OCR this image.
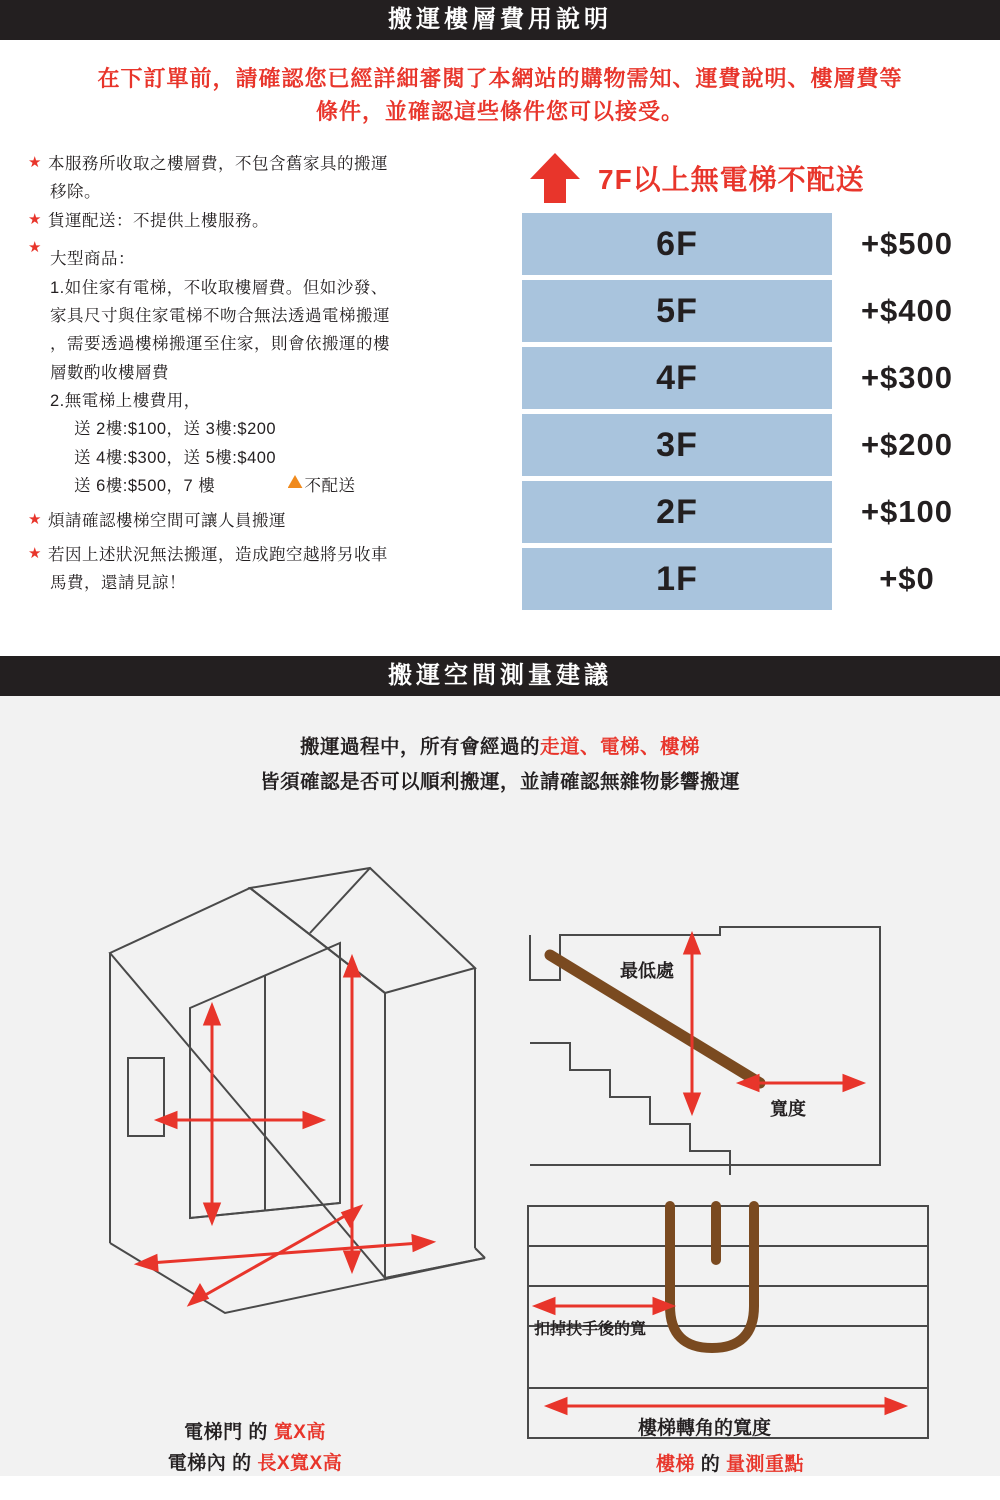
搬運樓層費用說明
在下訂單前，請確認您已經詳細審閱了本網站的購物需知、運費說明、樓層費等
條件，並確認這些條件您可以接受。
★ 本服務所收取之樓層費，不包含舊家具的搬運
移除。
★ 貨運配送：不提供上樓服務。
★
大型商品：
1.如住家有電梯，不收取樓層費。但如沙發、
家具尺寸與住家電梯不吻合無法透過電梯搬運
，需要透過樓梯搬運至住家，則會依搬運的樓
層數酌收樓層費
2.無電梯上樓費用，
送 2樓:$100，送 3樓:$200
送 4樓:$300，送 5樓:$400
送 6樓:$500，7 樓	不配送
★ 煩請確認樓梯空間可讓人員搬運
★ 若因上述狀況無法搬運，造成跑空越將另收車
馬費，還請見諒！
7F以上無電梯不配送
6F	+$500
5F	+$400
4F	+$300
3F	+$200
2F	+$100
1F	+$0
搬運空間測量建議
搬運過程中，所有會經過的走道、電梯、樓梯
皆須確認是否可以順利搬運，並請確認無雜物影響搬運
電梯門 的 寬X高
電梯內 的 長X寬X高
最低處
寬度
扣掉扶手後的寬
樓梯轉角的寬度
樓梯 的 量測重點
